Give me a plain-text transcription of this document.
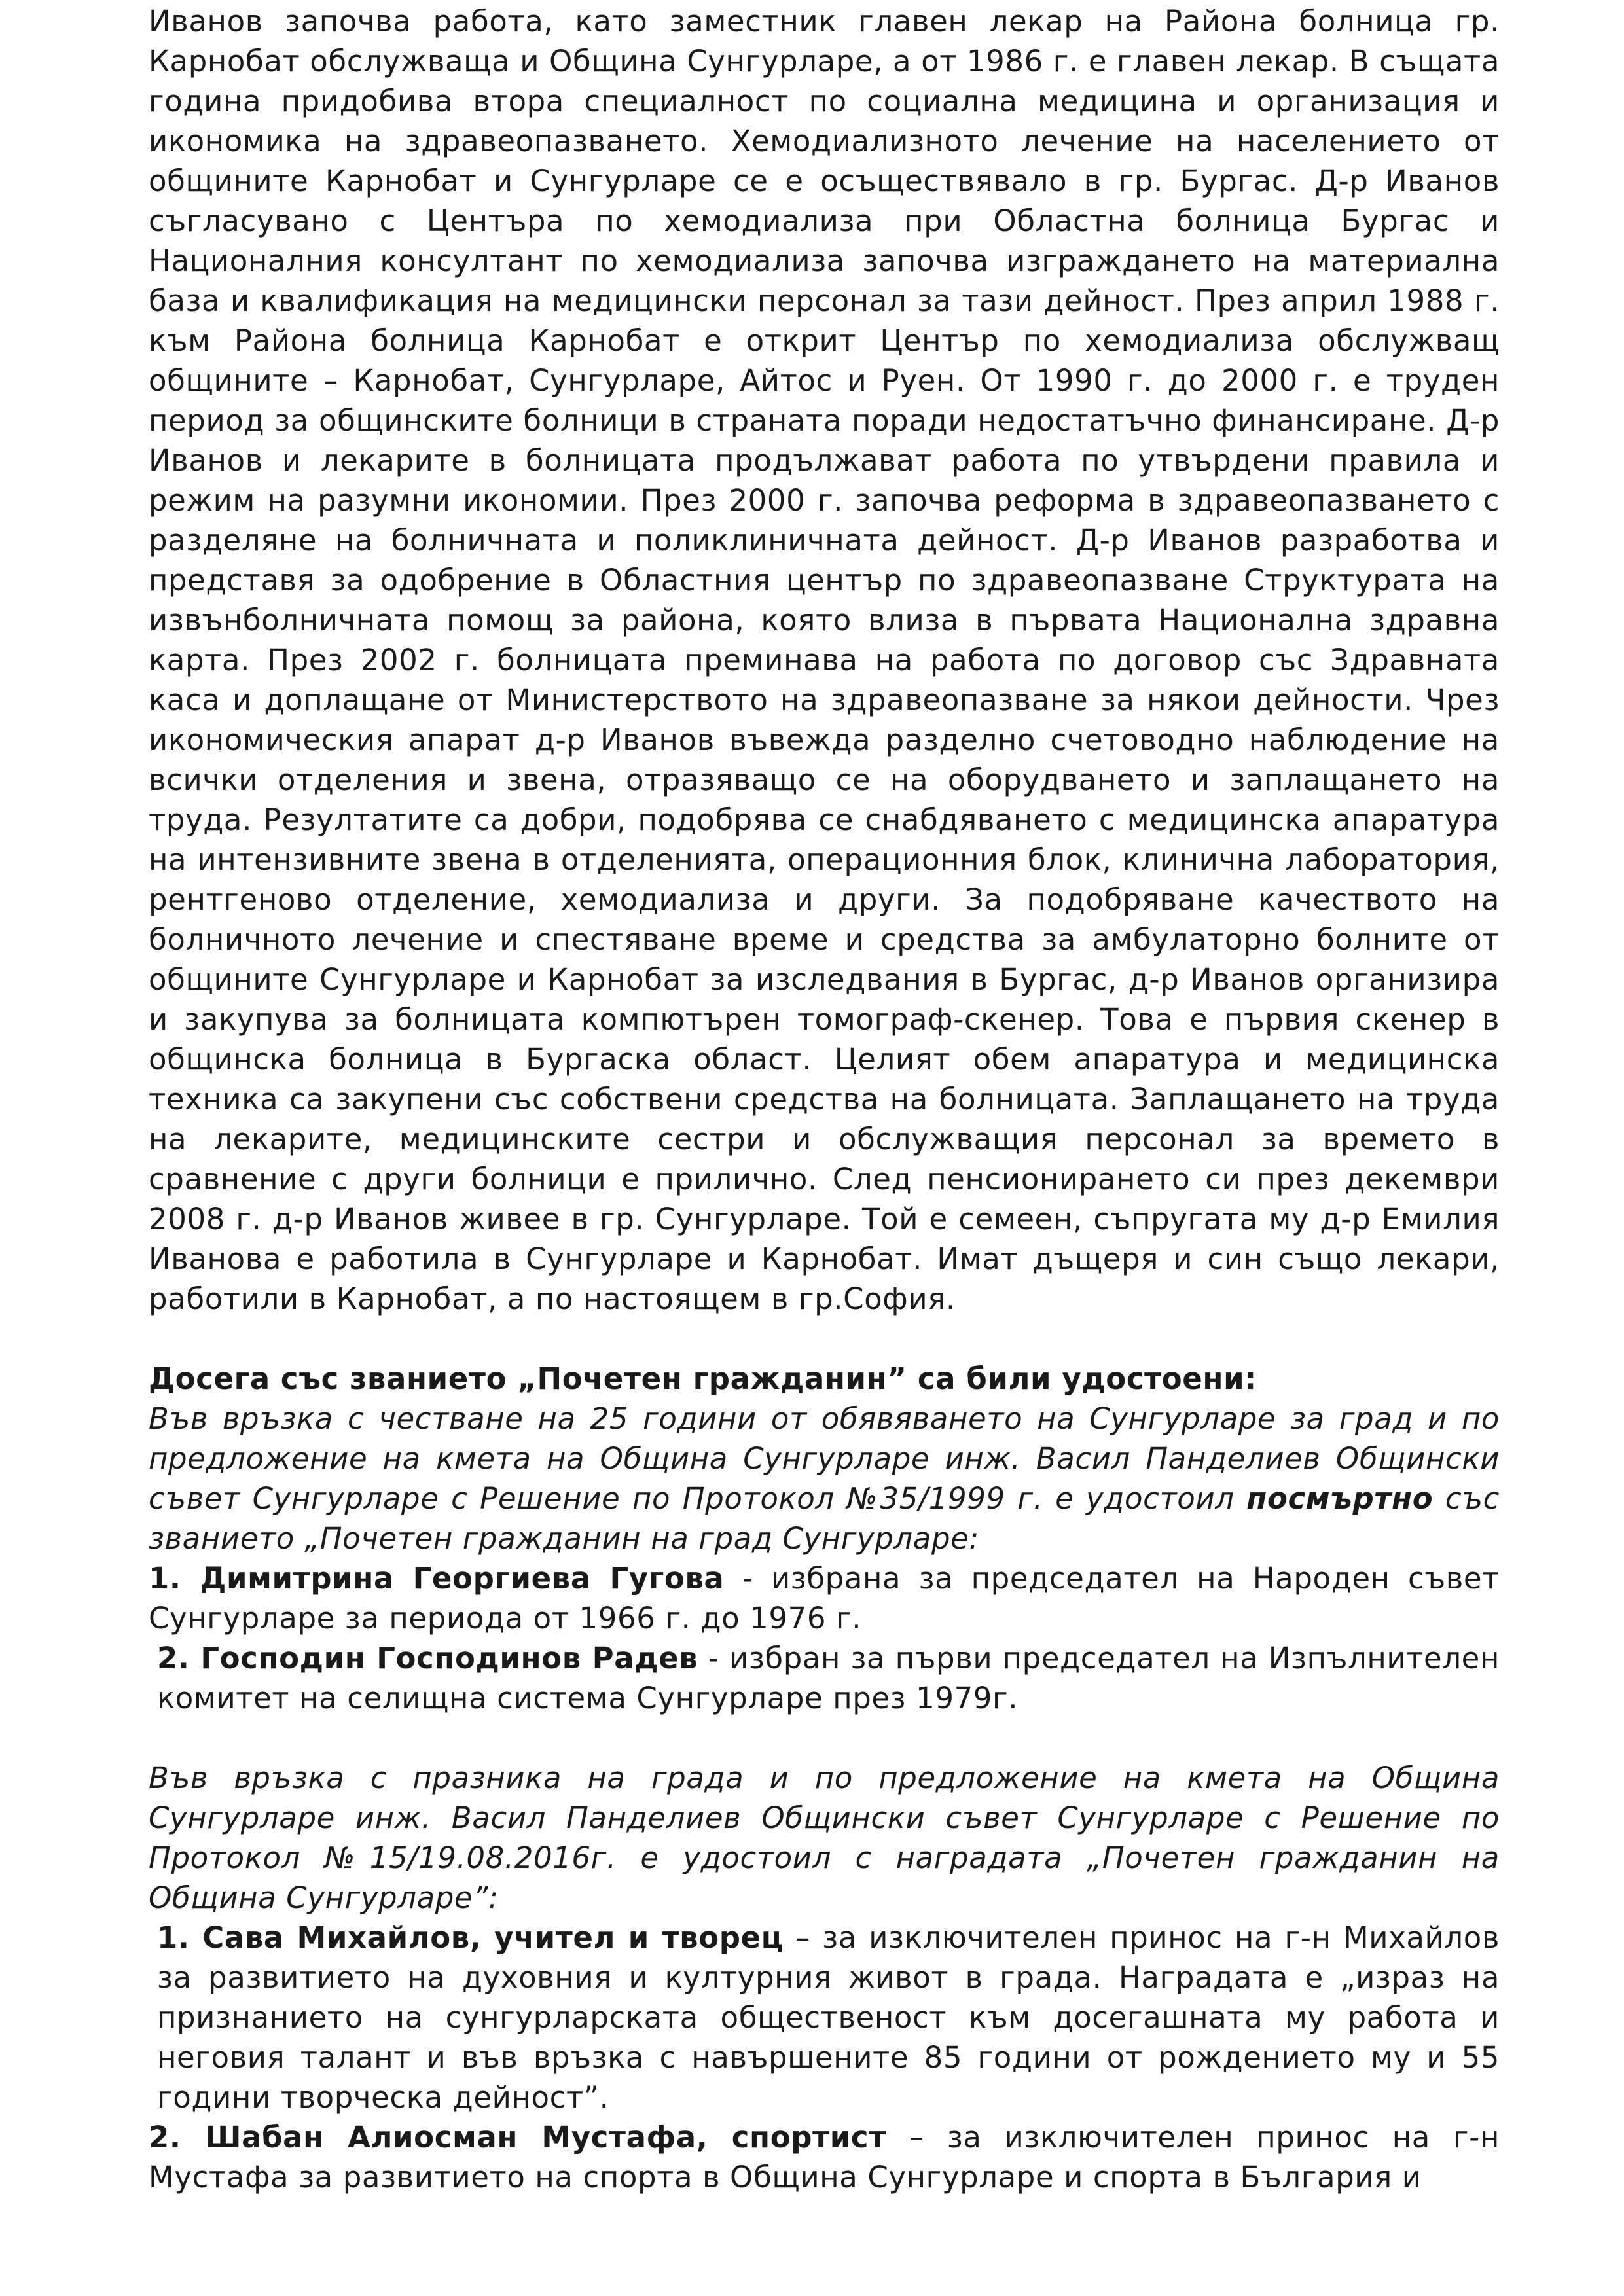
Иванов започва работа, като заместник главен лекар на Района болница гр. Карнобат обслужваща и Община Сунгурларе, а от 1986 г. е главен лекар. В същата година придобива втора специалност по социална медицина и организация и икономика на здравеопазването. Хемодиализното лечение на населението от общините Карнобат и Сунгурларе се е осъществявало в гр. Бургас. Д-р Иванов съгласувано с Центъра по хемодиализа при Областна болница Бургас и Националния консултант по хемодиализа започва изграждането на материална база и квалификация на медицински персонал за тази дейност. През април 1988 г. към Района болница Карнобат е открит Център по хемодиализа обслужващ общините – Карнобат, Сунгурларе, Айтос и Руен. От 1990 г. до 2000 г. е труден период за общинските болници в страната поради недостатъчно финансиране. Д-р Иванов и лекарите в болницата продължават работа по утвърдени правила и режим на разумни икономии. През 2000 г. започва реформа в здравеопазването с разделяне на болничната и поликлиничната дейност. Д-р Иванов разработва и представя за одобрение в Областния център по здравеопазване Структурата на извънболничната помощ за района, която влиза в първата Национална здравна карта. През 2002 г. болницата преминава на работа по договор със Здравната каса и доплащане от Министерството на здравеопазване за някои дейности. Чрез икономическия апарат д-р Иванов въвежда разделно счетоводно наблюдение на всички отделения и звена, отразяващо се на оборудването и заплащането на труда. Резултатите са добри, подобрява се снабдяването с медицинска апаратура на интензивните звена в отделенията, операционния блок, клинична лаборатория, рентгеново отделение, хемодиализа и други. За подобряване качеството на болничното лечение и спестяване време и средства за амбулаторно болните от общините Сунгурларе и Карнобат за изследвания в Бургас, д-р Иванов организира и закупува за болницата компютърен томограф-скенер. Това е първия скенер в общинска болница в Бургаска област. Целият обем апаратура и медицинска техника са закупени със собствени средства на болницата. Заплащането на труда на лекарите, медицинските сестри и обслужващия персонал за времето в сравнение с други болници е прилично. След пенсионирането си през декември 2008 г. д-р Иванов живее в гр. Сунгурларе. Той е семеен, съпругата му д-р Емилия Иванова е работила в Сунгурларе и Карнобат. Имат дъщеря и син също лекари, работили в Карнобат, а по настоящем в гр.София.

Досега със званието „Почетен гражданин” са били удостоени:

Във връзка с честване на 25 години от обявяването на Сунгурларе за град и по предложение на кмета на Община Сунгурларе инж. Васил Панделиев Общински съвет Сунгурларе с Решение по Протокол №35/1999 г. е удостоил посмъртно със званието „Почетен гражданин на град Сунгурларе:

1. Димитрина Георгиева Гугова - избрана за председател на Народен съвет Сунгурларе за периода от 1966 г. до 1976 г.

2. Господин Господинов Радев - избран за първи председател на Изпълнителен комитет на селищна система Сунгурларе през 1979г.

Във връзка с празника на града и по предложение на кмета на Община Сунгурларе инж. Васил Панделиев Общински съвет Сунгурларе с Решение по Протокол №15/19.08.2016г. е удостоил с наградата „Почетен гражданин на Община Сунгурларе”:

1. Сава Михайлов, учител и творец – за изключителен принос на г-н Михайлов за развитието на духовния и културния живот в града. Наградата е „израз на признанието на сунгурларската общественост към досегашната му работа и неговия талант и във връзка с навършените 85 години от рождението му и 55 години творческа дейност”.

2. Шабан Алиосман Мустафа, спортист – за изключителен принос на г-н Мустафа за развитието на спорта в Община Сунгурларе и спорта в България и
